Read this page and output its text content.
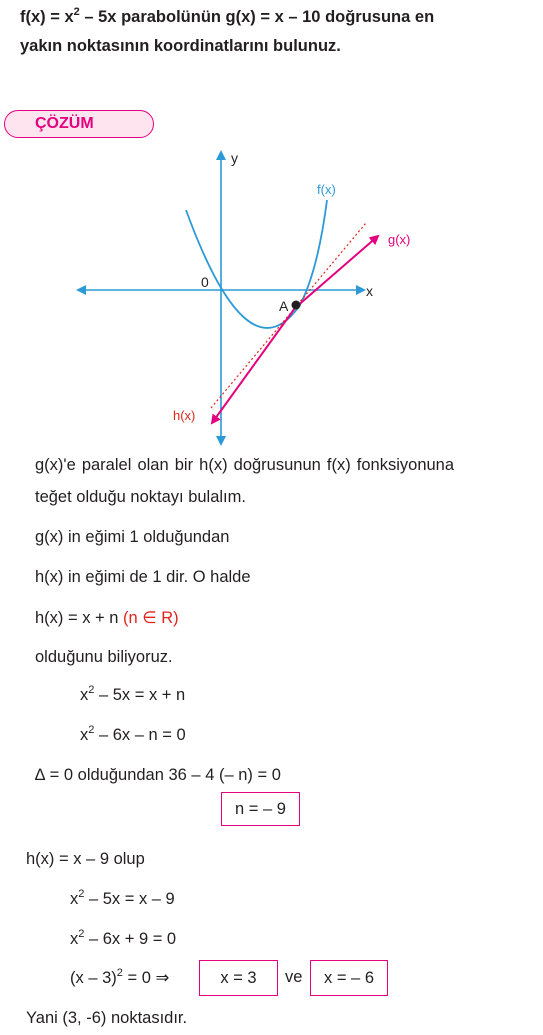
$f(x) = x^2 - 5x$ parabolünün g(x) = x – 10 doğrusuna en
yakın noktasının koordinatlarını bulunuz.
ÇÖZÜM
y
x
0
f(x)
g(x)
h(x)
A
g(x)'e paralel olan bir h(x) doğrusunun f(x) fonksiyonuna
teğet olduğu noktayı bulalım.
g(x) in eğimi 1 olduğundan
h(x) in eğimi de 1 dir. O halde
h(x) = x + n (n ∈ R)
olduğunu biliyoruz.
$x^2 - 5x = x + n$
$x^2 - 6x - n = 0$
∆ = 0 olduğundan 36 – 4 (– n) = 0
n = – 9
h(x) = x – 9 olup
$x^2 - 5x = x - 9$
$x^2 - 6x + 9 = 0$
(x – 3)$^2$ = 0 ⇒	x = 3	ve	x = – 6
Yani (3, -6) noktasıdır.
